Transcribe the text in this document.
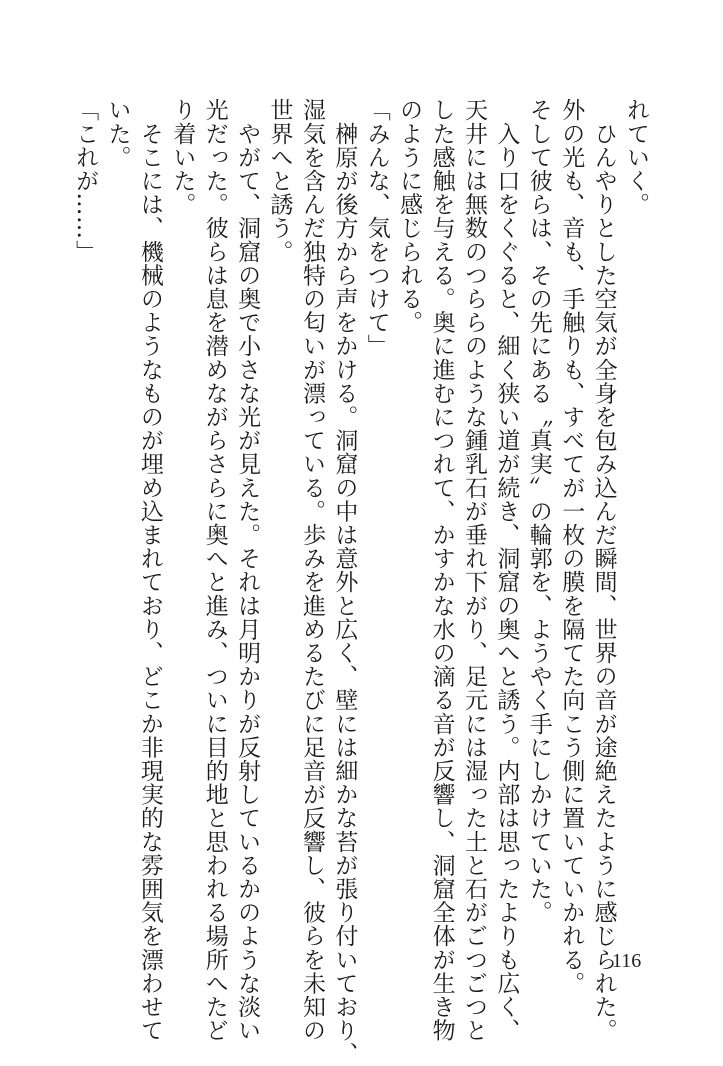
れていく。
　ひんやりとした空気が全身を包み込んだ瞬間、世界の音が途絶えたように感じられた。
外の光も、音も、手触りも、すべてが一枚の膜を隔てた向こう側に置いていかれる。
そして彼らは、その先にある〝真実〟の輪郭を、ようやく手にしかけていた。
　入り口をくぐると、細く狭い道が続き、洞窟の奥へと誘う。内部は思ったよりも広く、
天井には無数のつららのような鍾乳石が垂れ下がり、足元には湿った土と石がごつごつと
した感触を与える。奥に進むにつれて、かすかな水の滴る音が反響し、洞窟全体が生き物
のように感じられる。
「みんな、気をつけて」
　榊原が後方から声をかける。洞窟の中は意外と広く、壁には細かな苔が張り付いており、
湿気を含んだ独特の匂いが漂っている。歩みを進めるたびに足音が反響し、彼らを未知の
世界へと誘う。
　やがて、洞窟の奥で小さな光が見えた。それは月明かりが反射しているかのような淡い
光だった。彼らは息を潜めながらさらに奥へと進み、ついに目的地と思われる場所へたど
り着いた。
　そこには、機械のようなものが埋め込まれており、どこか非現実的な雰囲気を漂わせて
いた。
「これが……」
116
